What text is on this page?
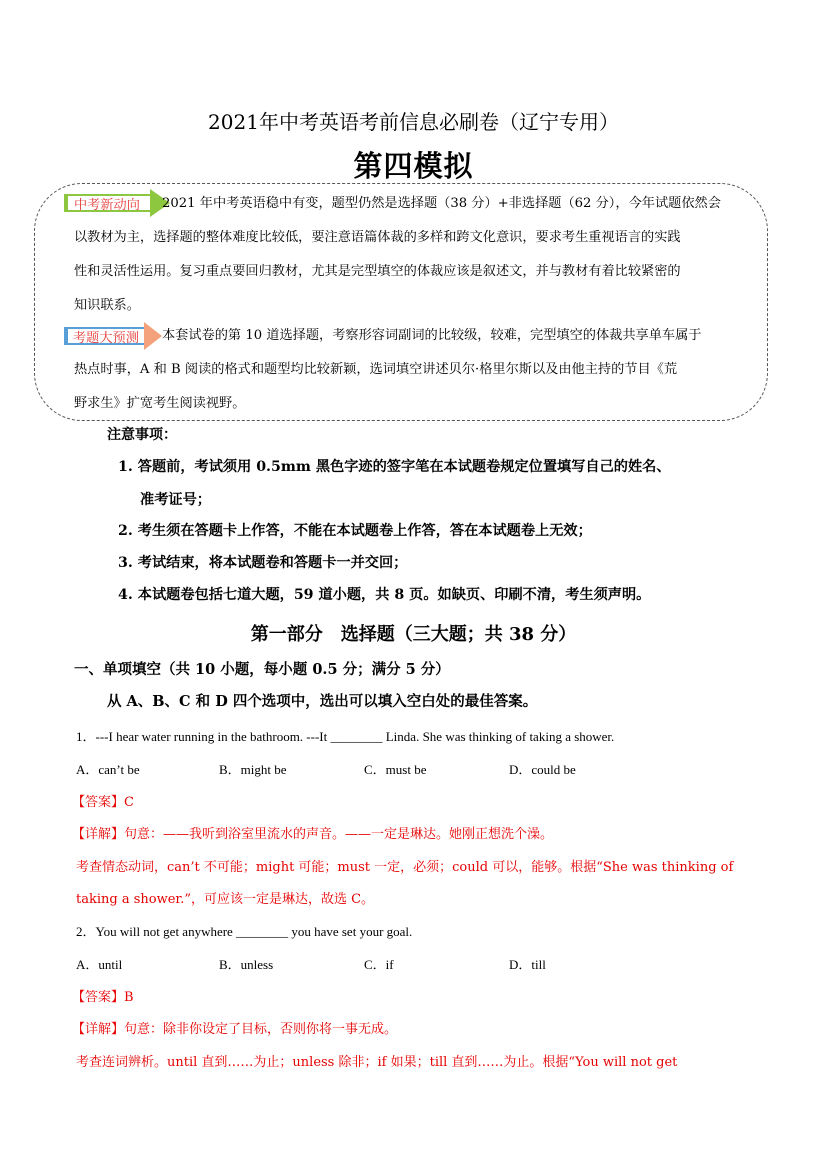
2021年中考英语考前信息必刷卷（辽宁专用）
第四模拟
中考新动向	2021 年中考英语稳中有变，题型仍然是选择题（38 分）+非选择题（62 分），今年试题依然会
以教材为主，选择题的整体难度比较低，要注意语篇体裁的多样和跨文化意识，要求考生重视语言的实践
性和灵活性运用。复习重点要回归教材，尤其是完型填空的体裁应该是叙述文，并与教材有着比较紧密的
知识联系。
考题大预测	本套试卷的第 10 道选择题，考察形容词副词的比较级，较难，完型填空的体裁共享单车属于
热点时事，A 和 B 阅读的格式和题型均比较新颖，选词填空讲述贝尔·格里尔斯以及由他主持的节目《荒
野求生》扩宽考生阅读视野。
注意事项：
1. 答题前，考试须用 0.5mm 黑色字迹的签字笔在本试题卷规定位置填写自己的姓名、
准考证号；
2. 考生须在答题卡上作答，不能在本试题卷上作答，答在本试题卷上无效；
3. 考试结束，将本试题卷和答题卡一并交回；
4. 本试题卷包括七道大题，59 道小题，共 8 页。如缺页、印刷不清，考生须声明。
第一部分　选择题（三大题；共 38 分）
一、单项填空（共 10 小题，每小题 0.5 分；满分 5 分）
从 A、B、C 和 D 四个选项中，选出可以填入空白处的最佳答案。
1．---I hear water running in the bathroom. ---It ________ Linda. She was thinking of taking a shower.
A．can’t be	B．might be	C．must be	D．could be
【答案】C
【详解】句意：——我听到浴室里流水的声音。——一定是琳达。她刚正想洗个澡。
考查情态动词，can’t 不可能；might 可能；must 一定，必须；could 可以，能够。根据“She was thinking of
taking a shower.”，可应该一定是琳达，故选 C。
2．You will not get anywhere ________ you have set your goal.
A．until	B．unless	C．if	D．till
【答案】B
【详解】句意：除非你设定了目标，否则你将一事无成。
考查连词辨析。until 直到……为止；unless 除非；if 如果；till 直到……为止。根据“You will not get
